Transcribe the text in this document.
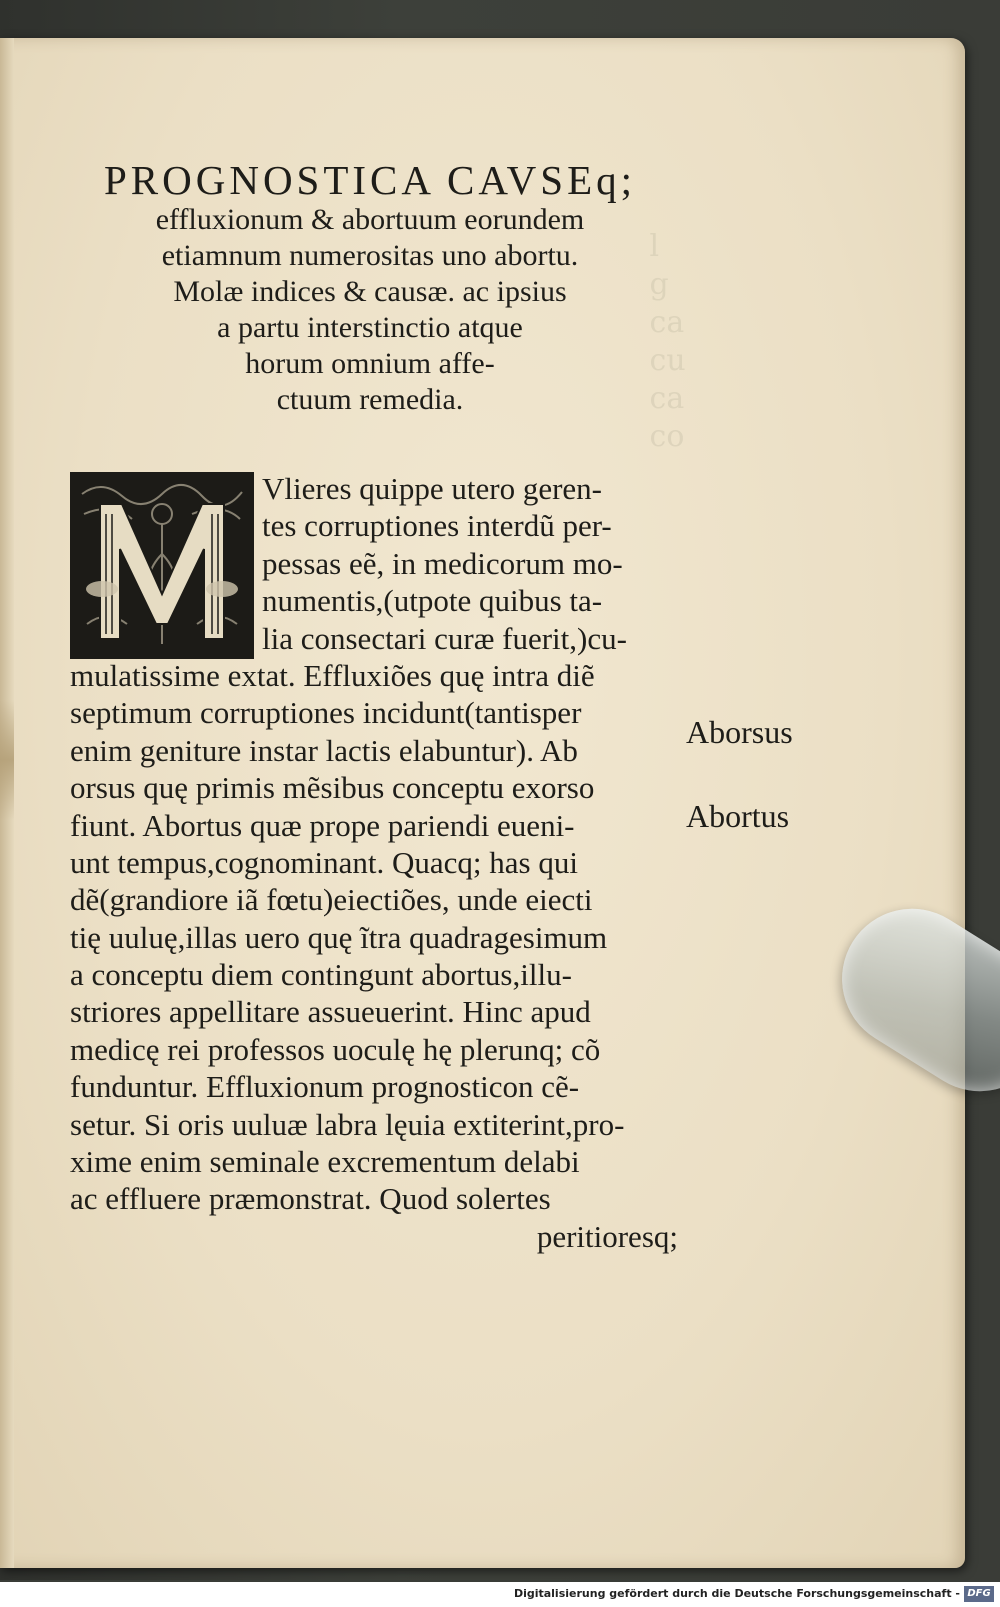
l
g
ca
cu
ca
co

PROGNOSTICA CAVSEq;
effluxionum & abortuum eorundem
etiamnum numerositas uno abortu.
Molæ indices & causæ. ac ipsius
a partu interstinctio atque
horum omnium affe-
ctuum remedia.
Vlieres quippe utero geren-
tes corruptiones interdũ per-
pessas eẽ, in medicorum mo-
numentis,(utpote quibus ta-
lia consectari curæ fuerit,)cu-
mulatissime extat. Effluxiões quę intra diẽ
septimum corruptiones incidunt(tantisper
enim geniture instar lactis elabuntur). Ab
orsus quę primis mẽsibus conceptu exorso
fiunt. Abortus quæ prope pariendi eueni-
unt tempus,cognominant. Quacq; has qui
dẽ(grandiore iã fœtu)eiectiões, unde eiecti
tię uuluę,illas uero quę ĩtra quadragesimum
a conceptu diem contingunt abortus,illu-
striores appellitare assueuerint. Hinc apud
medicę rei professos uoculę hę plerunq; cõ
funduntur. Effluxionum prognosticon cẽ-
setur. Si oris uuluæ labra lęuia extiterint,pro-
xime enim seminale excrementum delabi
ac effluere præmonstrat. Quod solertes
peritioresq;
Aborsus
Abortus
Digitalisierung gefördert durch die Deutsche Forschungsgemeinschaft - DFG
